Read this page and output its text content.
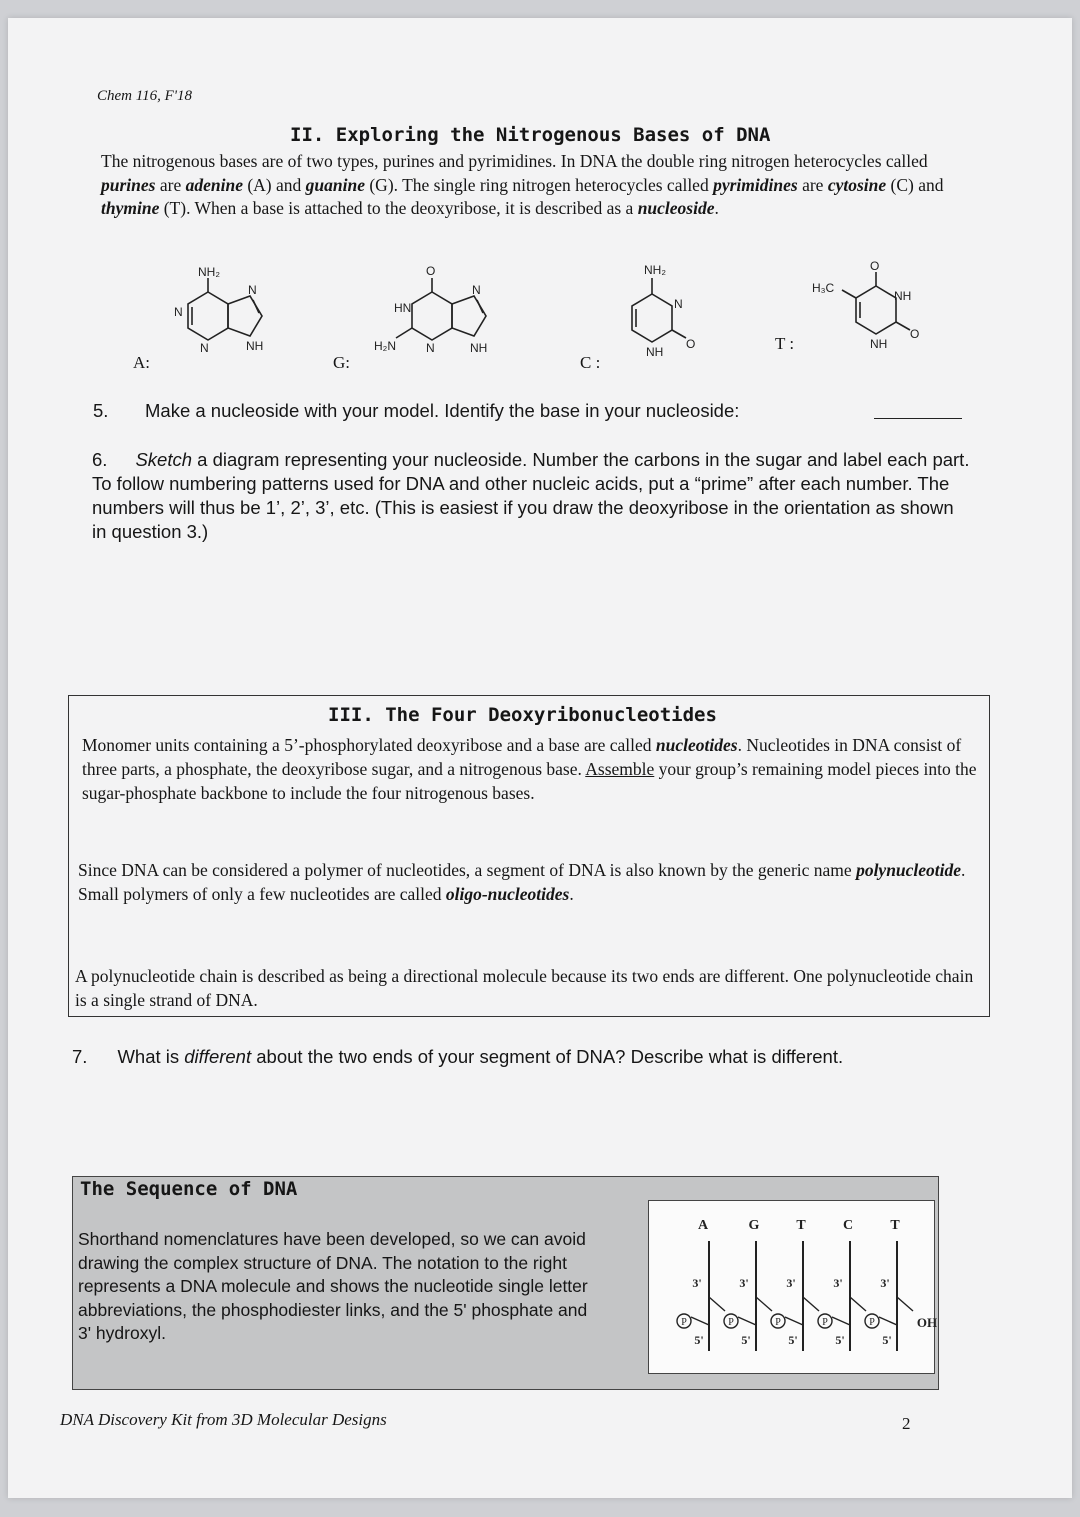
Chem 116, F'18
II. Exploring the Nitrogenous Bases of DNA
The nitrogenous bases are of two types, purines and pyrimidines. In DNA the double ring nitrogen heterocycles called purines are adenine (A) and guanine (G). The single ring nitrogen heterocycles called pyrimidines are cytosine (C) and thymine (T). When a base is attached to the deoxyribose, it is described as a nucleoside.
A:
NH₂
N
N
N
NH
G:
O
HN
H₂N	N
N
NH
C :
NH₂
N
NH
O	T :
O
H₃C
NH
O
NH
5. Make a nucleoside with your model. Identify the base in your nucleoside:
6. Sketch a diagram representing your nucleoside. Number the carbons in the sugar and label each part. To follow numbering patterns used for DNA and other nucleic acids, put a “prime” after each number. The numbers will thus be 1’, 2’, 3’, etc. (This is easiest if you draw the deoxyribose in the orientation as shown in question 3.)
III. The Four Deoxyribonucleotides
Monomer units containing a 5’-phosphorylated deoxyribose and a base are called nucleotides. Nucleotides in DNA consist of three parts, a phosphate, the deoxyribose sugar, and a nitrogenous base. Assemble your group’s remaining model pieces into the sugar-phosphate backbone to include the four nitrogenous bases.
Since DNA can be considered a polymer of nucleotides, a segment of DNA is also known by the generic name polynucleotide. Small polymers of only a few nucleotides are called oligo-nucleotides.
A polynucleotide chain is described as being a directional molecule because its two ends are different. One polynucleotide chain is a single strand of DNA.
7. What is different about the two ends of your segment of DNA? Describe what is different.
The Sequence of DNA
Shorthand nomenclatures have been developed, so we can avoid drawing the complex structure of DNA. The notation to the right represents a DNA molecule and shows the nucleotide single letter abbreviations, the phosphodiester links, and the 5' phosphate and 3' hydroxyl.
A
3'
5'
P
G
3'
5'
P
T
3'
5'
P
C
3'
5'
P
T
3'
5'
P	OH
DNA Discovery Kit from 3D Molecular Designs	2
